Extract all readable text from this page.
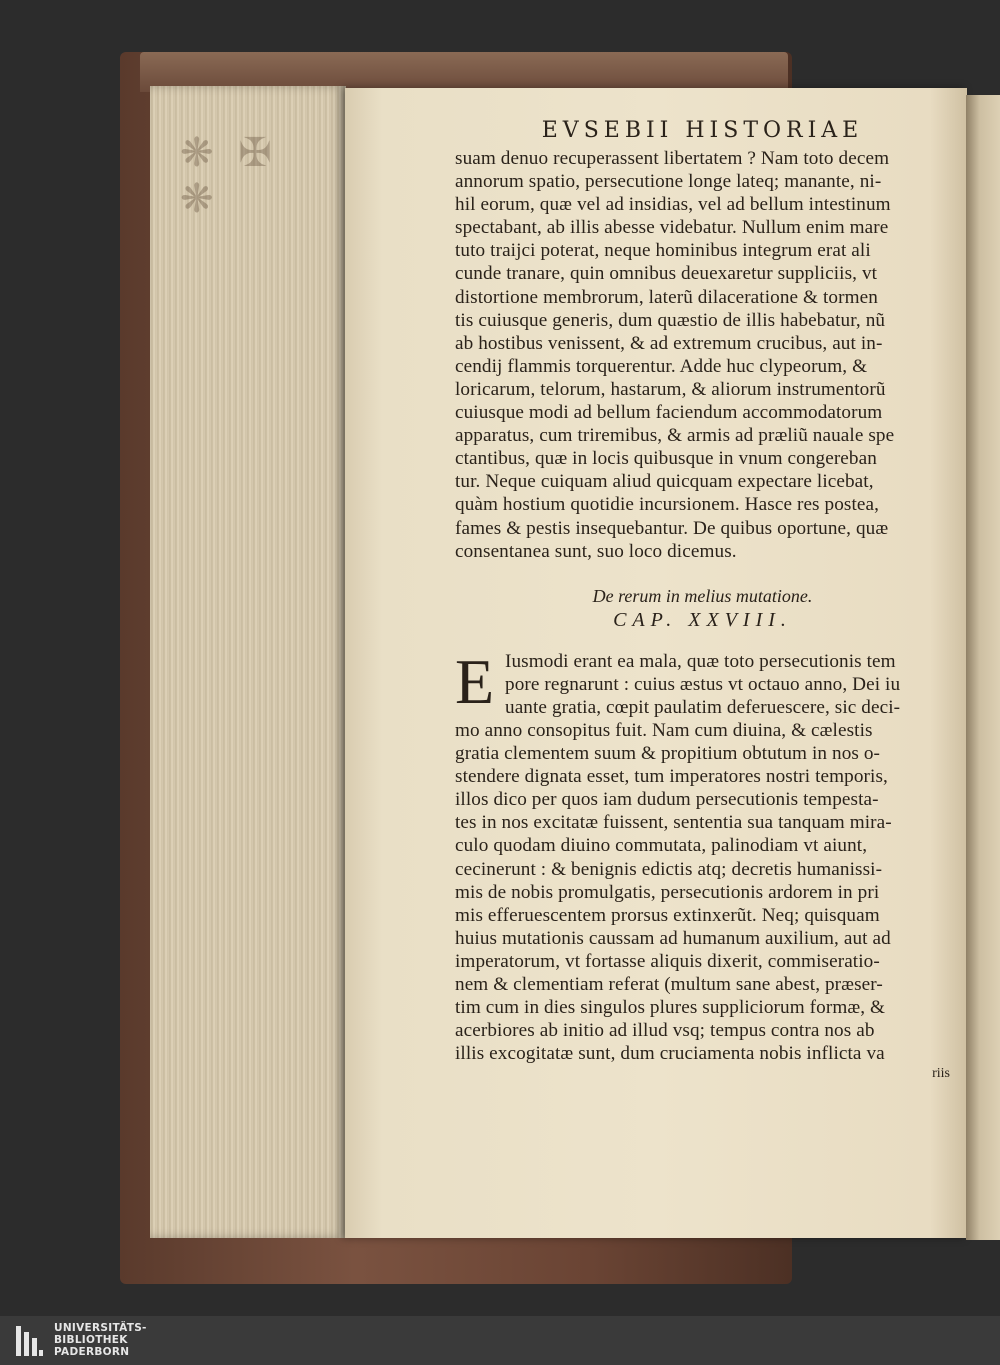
❋ ✠ ❋
EVSEBII HISTORIAE
suam denuo recuperassent libertatem ? Nam toto decem
annorum spatio, persecutione longe lateq; manante, ni-
hil eorum, quæ vel ad insidias, vel ad bellum intestinum
spectabant, ab illis abesse videbatur. Nullum enim mare
tuto traijci poterat, neque hominibus integrum erat ali
cunde tranare, quin omnibus deuexaretur suppliciis, vt
distortione membrorum, laterũ dilaceratione & tormen
tis cuiusque generis, dum quæstio de illis habebatur, nũ
ab hostibus venissent, & ad extremum crucibus, aut in-
cendij flammis torquerentur. Adde huc clypeorum, &
loricarum, telorum, hastarum, & aliorum instrumentorũ
cuiusque modi ad bellum faciendum accommodatorum
apparatus, cum triremibus, & armis ad præliũ nauale spe
ctantibus, quæ in locis quibusque in vnum congereban
tur. Neque cuiquam aliud quicquam expectare licebat,
quàm hostium quotidie incursionem. Hasce res postea,
fames & pestis insequebantur. De quibus oportune, quæ
consentanea sunt, suo loco dicemus.
De rerum in melius mutatione.
CAP. XXVIII.
E Iusmodi erant ea mala, quæ toto persecutionis tem
pore regnarunt : cuius æstus vt octauo anno, Dei iu
uante gratia, cœpit paulatim deferuescere, sic deci-
mo anno consopitus fuit. Nam cum diuina, & cælestis
gratia clementem suum & propitium obtutum in nos o-
stendere dignata esset, tum imperatores nostri temporis,
illos dico per quos iam dudum persecutionis tempesta-
tes in nos excitatæ fuissent, sententia sua tanquam mira-
culo quodam diuino commutata, palinodiam vt aiunt,
cecinerunt : & benignis edictis atq; decretis humanissi-
mis de nobis promulgatis, persecutionis ardorem in pri
mis efferuescentem prorsus extinxerũt. Neq; quisquam
huius mutationis caussam ad humanum auxilium, aut ad
imperatorum, vt fortasse aliquis dixerit, commiseratio-
nem & clementiam referat (multum sane abest, præser-
tim cum in dies singulos plures suppliciorum formæ, &
acerbiores ab initio ad illud vsq; tempus contra nos ab
illis excogitatæ sunt, dum cruciamenta nobis inflicta va
riis
UNIVERSITÄTS-
BIBLIOTHEK
PADERBORN
